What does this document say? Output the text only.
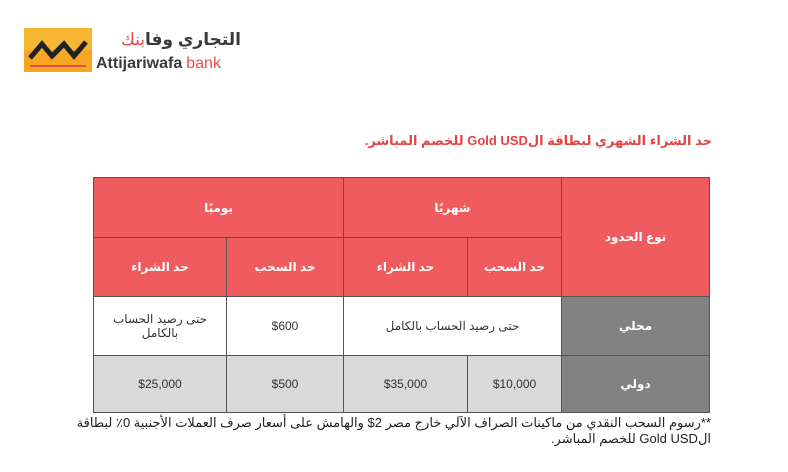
التجاري وفابنك
Attijariwafa bank
حد الشراء الشهري لبطاقة الGold USD للخصم المباشر.
نوع الحدود	شهريًا		يوميًا	
	حد السحب	حد الشراء	حد السحب	حد الشراء
محلي	حتى رصيد الحساب بالكامل		$600	حتى رصيد الحساب بالكامل
دولي	$10,000	$35,000	$500	$25,000
**رسوم السحب النقدي من ماكينات الصراف الآلي خارج مصر 2$ والهامش على أسعار صرف العملات الأجنبية 0٪ لبطاقة الGold USD للخصم المباشر.
